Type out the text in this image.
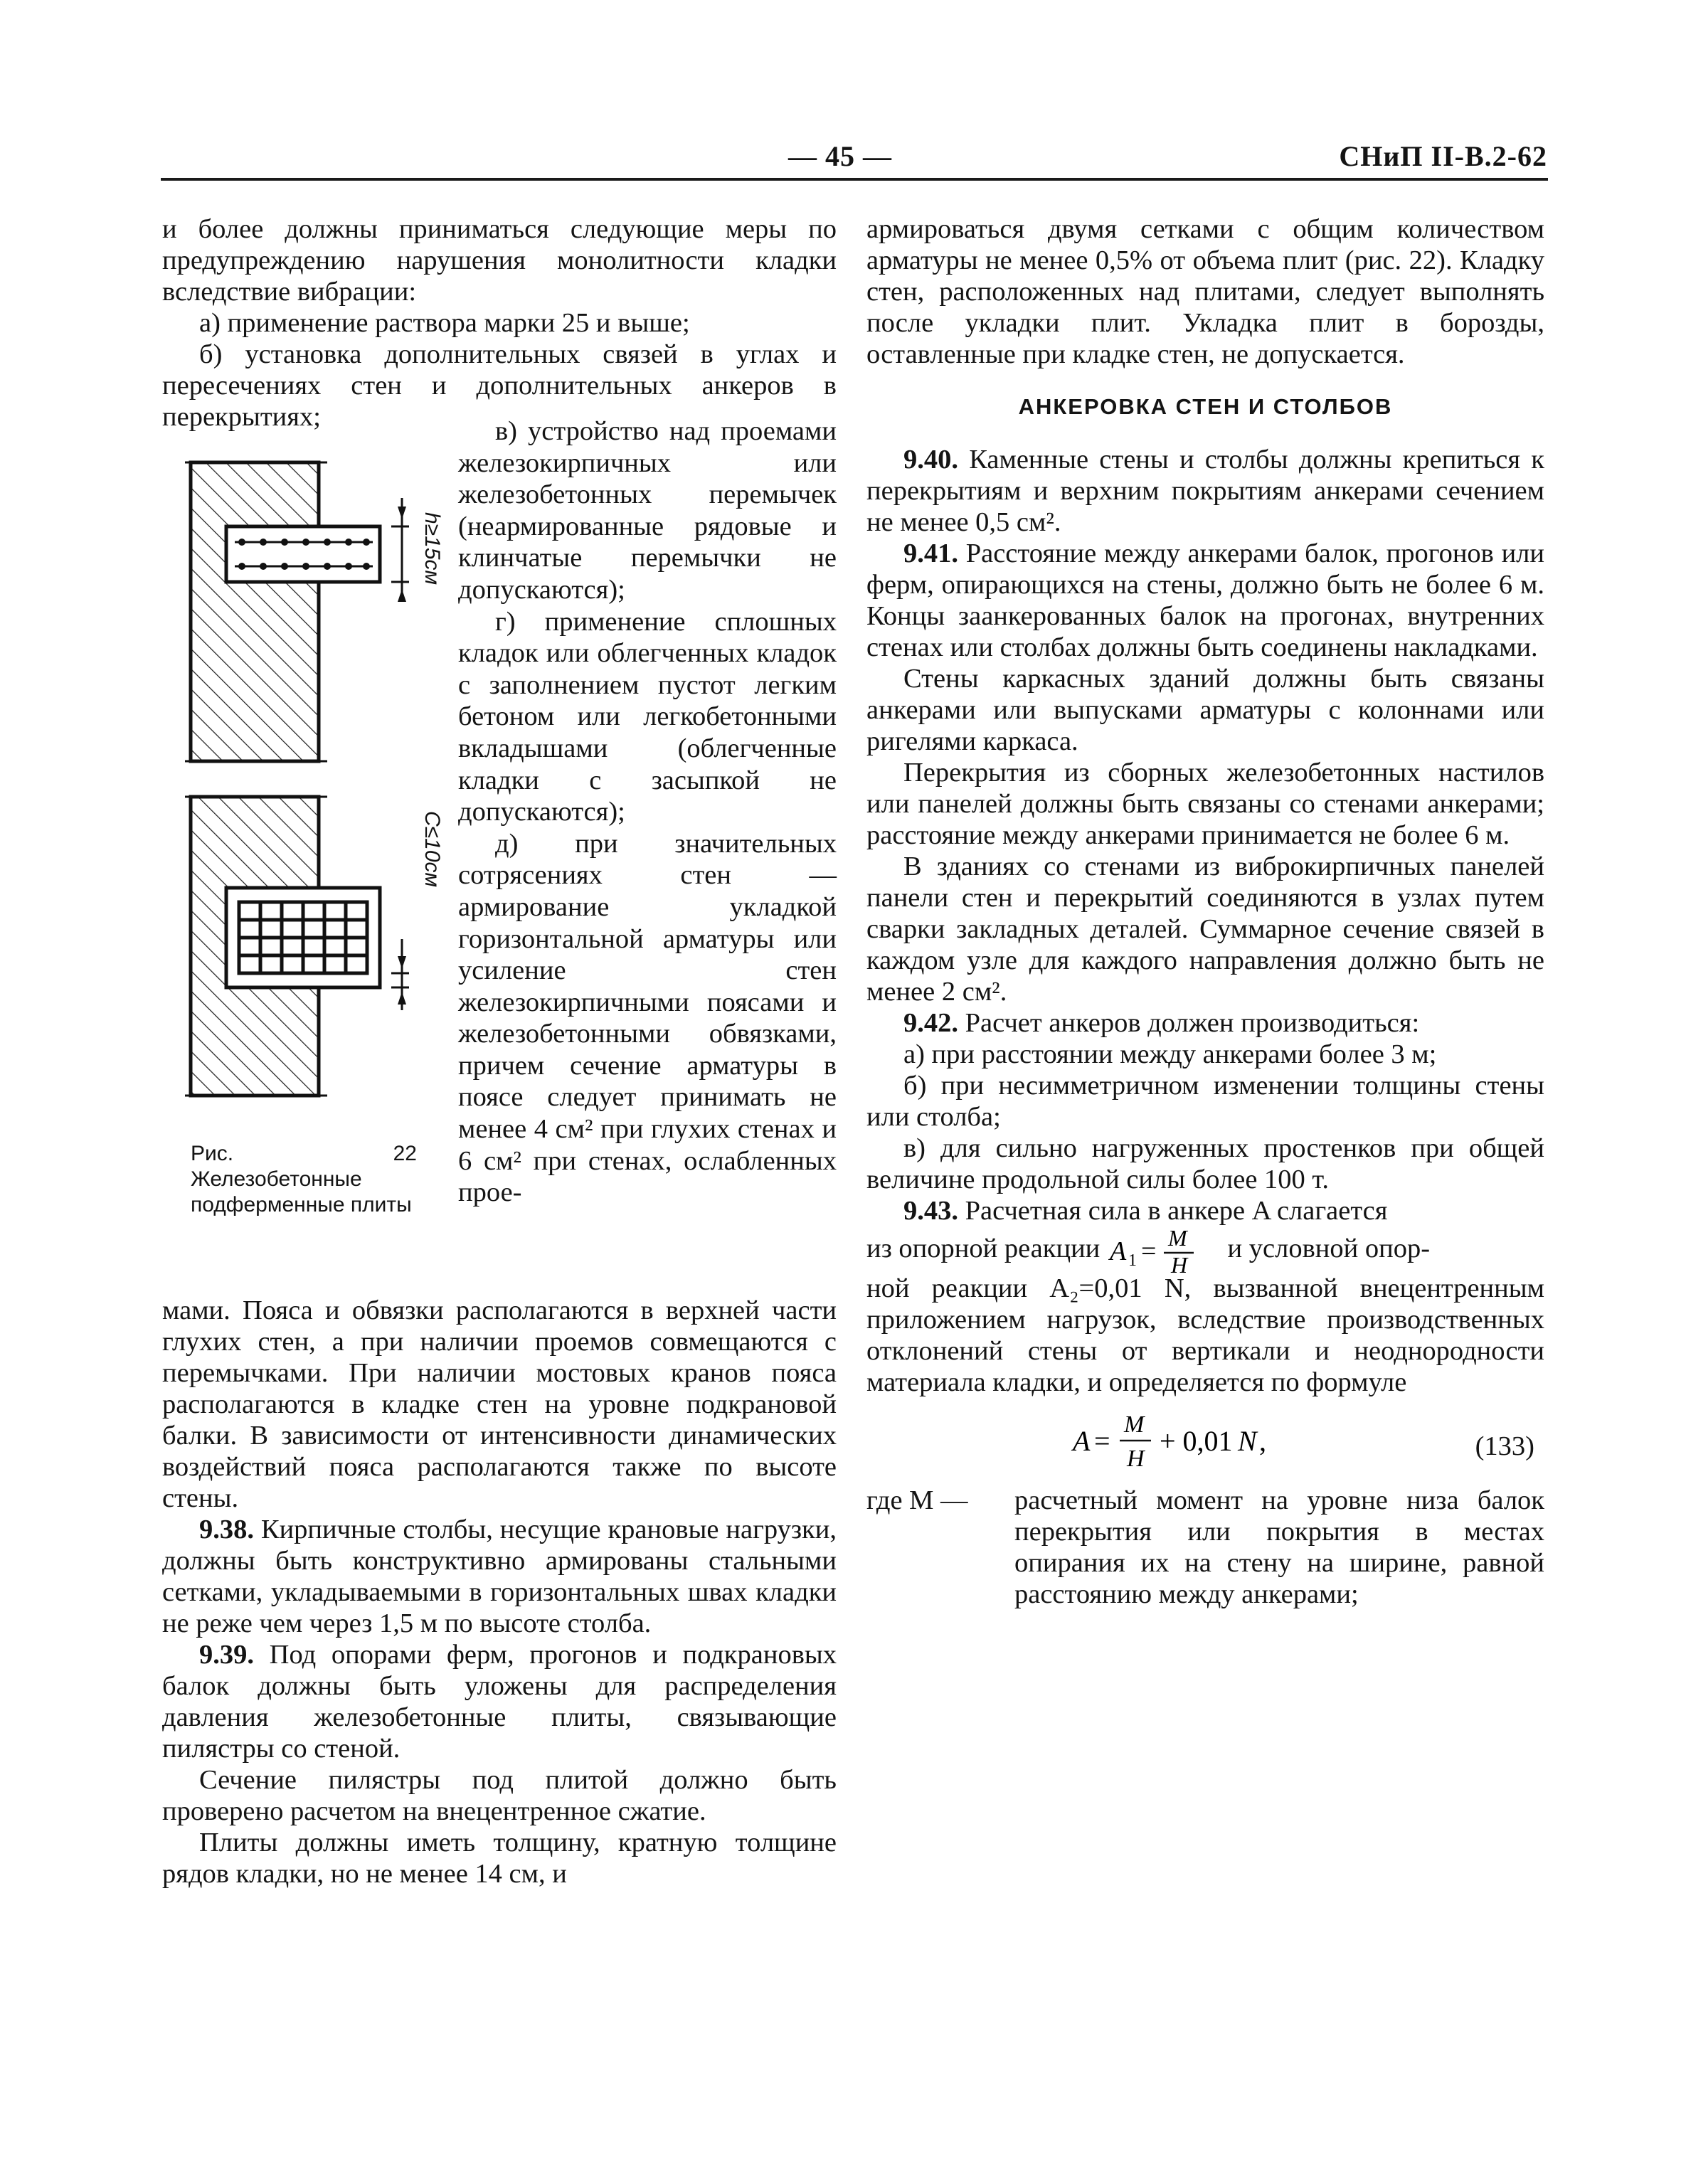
— 45 —	СНиП II-В.2-62

и более должны приниматься следующие меры по предупреждению нарушения монолитности кладки вследствие вибрации:

а) применение раствора марки 25 и выше;

б) установка дополнительных связей в углах и пересечениях стен и дополнительных анкеров в перекрытиях;

h≥15см
C≤10см
Рис. 22 Железобетонные подферменные плиты

в) устройство над проемами железокирпичных или железобетонных перемычек (неармированные рядовые и клинчатые перемычки не допускаются);

г) применение сплошных кладок или облегченных кладок с заполнением пустот легким бетоном или легкобетонными вкладышами (облегченные кладки с засыпкой не допускаются);

д) при значительных сотрясениях стен — армирование укладкой горизонтальной арматуры или усиление стен железокирпичными поясами и железобетонными обвязками, причем сечение арматуры в поясе следует принимать не менее 4 см² при глухих стенах и 6 см² при стенах, ослабленных прое-

мами. Пояса и обвязки располагаются в верхней части глухих стен, а при наличии проемов совмещаются с перемычками. При наличии мостовых кранов пояса располагаются в кладке стен на уровне подкрановой балки. В зависимости от интенсивности динамических воздействий пояса располагаются также по высоте стены.

9.38. Кирпичные столбы, несущие крановые нагрузки, должны быть конструктивно армированы стальными сетками, укладываемыми в горизонтальных швах кладки не реже чем через 1,5 м по высоте столба.

9.39. Под опорами ферм, прогонов и подкрановых балок должны быть уложены для распределения давления железобетонные плиты, связывающие пилястры со стеной.

Сечение пилястры под плитой должно быть проверено расчетом на внецентренное сжатие.

Плиты должны иметь толщину, кратную толщине рядов кладки, но не менее 14 см, и

армироваться двумя сетками с общим количеством арматуры не менее 0,5% от объема плит (рис. 22). Кладку стен, расположенных над плитами, следует выполнять после укладки плит. Укладка плит в борозды, оставленные при кладке стен, не допускается.

АНКЕРОВКА СТЕН И СТОЛБОВ

9.40. Каменные стены и столбы должны крепиться к перекрытиям и верхним покрытиям анкерами сечением не менее 0,5 см².

9.41. Расстояние между анкерами балок, прогонов или ферм, опирающихся на стены, должно быть не более 6 м. Концы заанкерованных балок на прогонах, внутренних стенах или столбах должны быть соединены накладками.

Стены каркасных зданий должны быть связаны анкерами или выпусками арматуры с колоннами или ригелями каркаса.

Перекрытия из сборных железобетонных настилов или панелей должны быть связаны со стенами анкерами; расстояние между анкерами принимается не более 6 м.

В зданиях со стенами из виброкирпичных панелей панели стен и перекрытий соединяются в узлах путем сварки закладных деталей. Суммарное сечение связей в каждом узле для каждого направления должно быть не менее 2 см².

9.42. Расчет анкеров должен производиться:

а) при расстоянии между анкерами более 3 м;

б) при несимметричном изменении толщины стены или столба;

в) для сильно нагруженных простенков при общей величине продольной силы более 100 т.

9.43. Расчетная сила в анкере A слагается

из опорной реакции A 1 = M
H
и условной опор-

ной реакции A₂=0,01 N, вызванной внецентренным приложением нагрузок, вследствие производственных отклонений стены от вертикали и неоднородности материала кладки, и определяется по формуле

A =
M
H
+ 0,01 N ,	(133)
где M — расчетный момент на уровне низа балок перекрытия или покрытия в местах опирания их на стену на ширине, равной расстоянию между анкерами;
